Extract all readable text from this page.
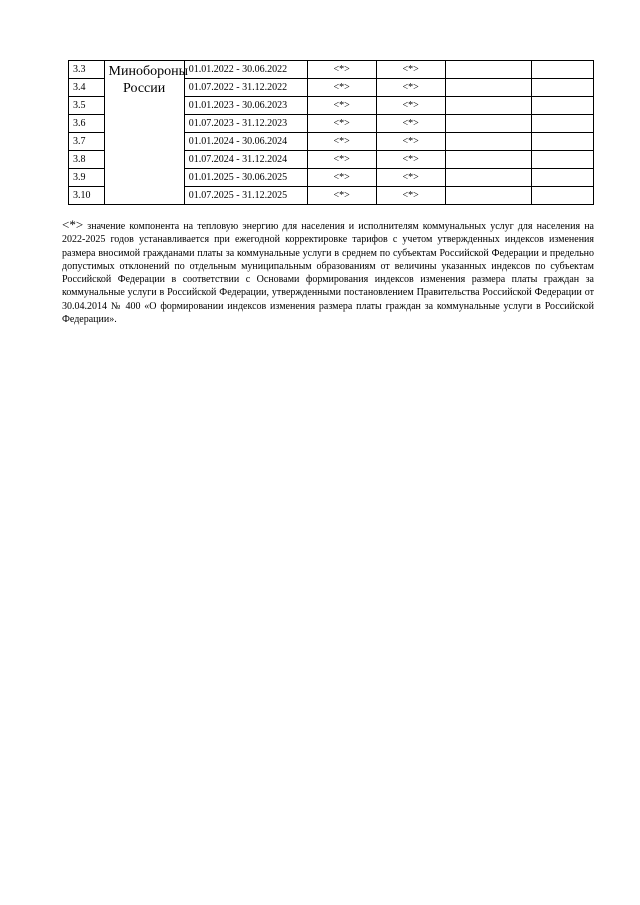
3.3	Минобороны России	01.01.2022 - 30.06.2022	<*>	<*>		
3.4		01.07.2022 - 31.12.2022	<*>	<*>		
3.5		01.01.2023 - 30.06.2023	<*>	<*>		
3.6		01.07.2023 - 31.12.2023	<*>	<*>		
3.7		01.01.2024 - 30.06.2024	<*>	<*>		
3.8		01.07.2024 - 31.12.2024	<*>	<*>		
3.9		01.01.2025 - 30.06.2025	<*>	<*>		
3.10		01.07.2025 - 31.12.2025	<*>	<*>		
<*> значение компонента на тепловую энергию для населения и исполнителям коммунальных услуг для населения на 2022-2025 годов устанавливается при ежегодной корректировке тарифов с учетом утвержденных индексов изменения размера вносимой гражданами платы за коммунальные услуги в среднем по субъектам Российской Федерации и предельно допустимых отклонений по отдельным муниципальным образованиям от величины указанных индексов по субъектам Российской Федерации в соответствии с Основами формирования индексов изменения размера платы граждан за коммунальные услуги в Российской Федерации, утвержденными постановлением Правительства Российской Федерации от 30.04.2014 № 400 «О формировании индексов изменения размера платы граждан за коммунальные услуги в Российской Федерации».
